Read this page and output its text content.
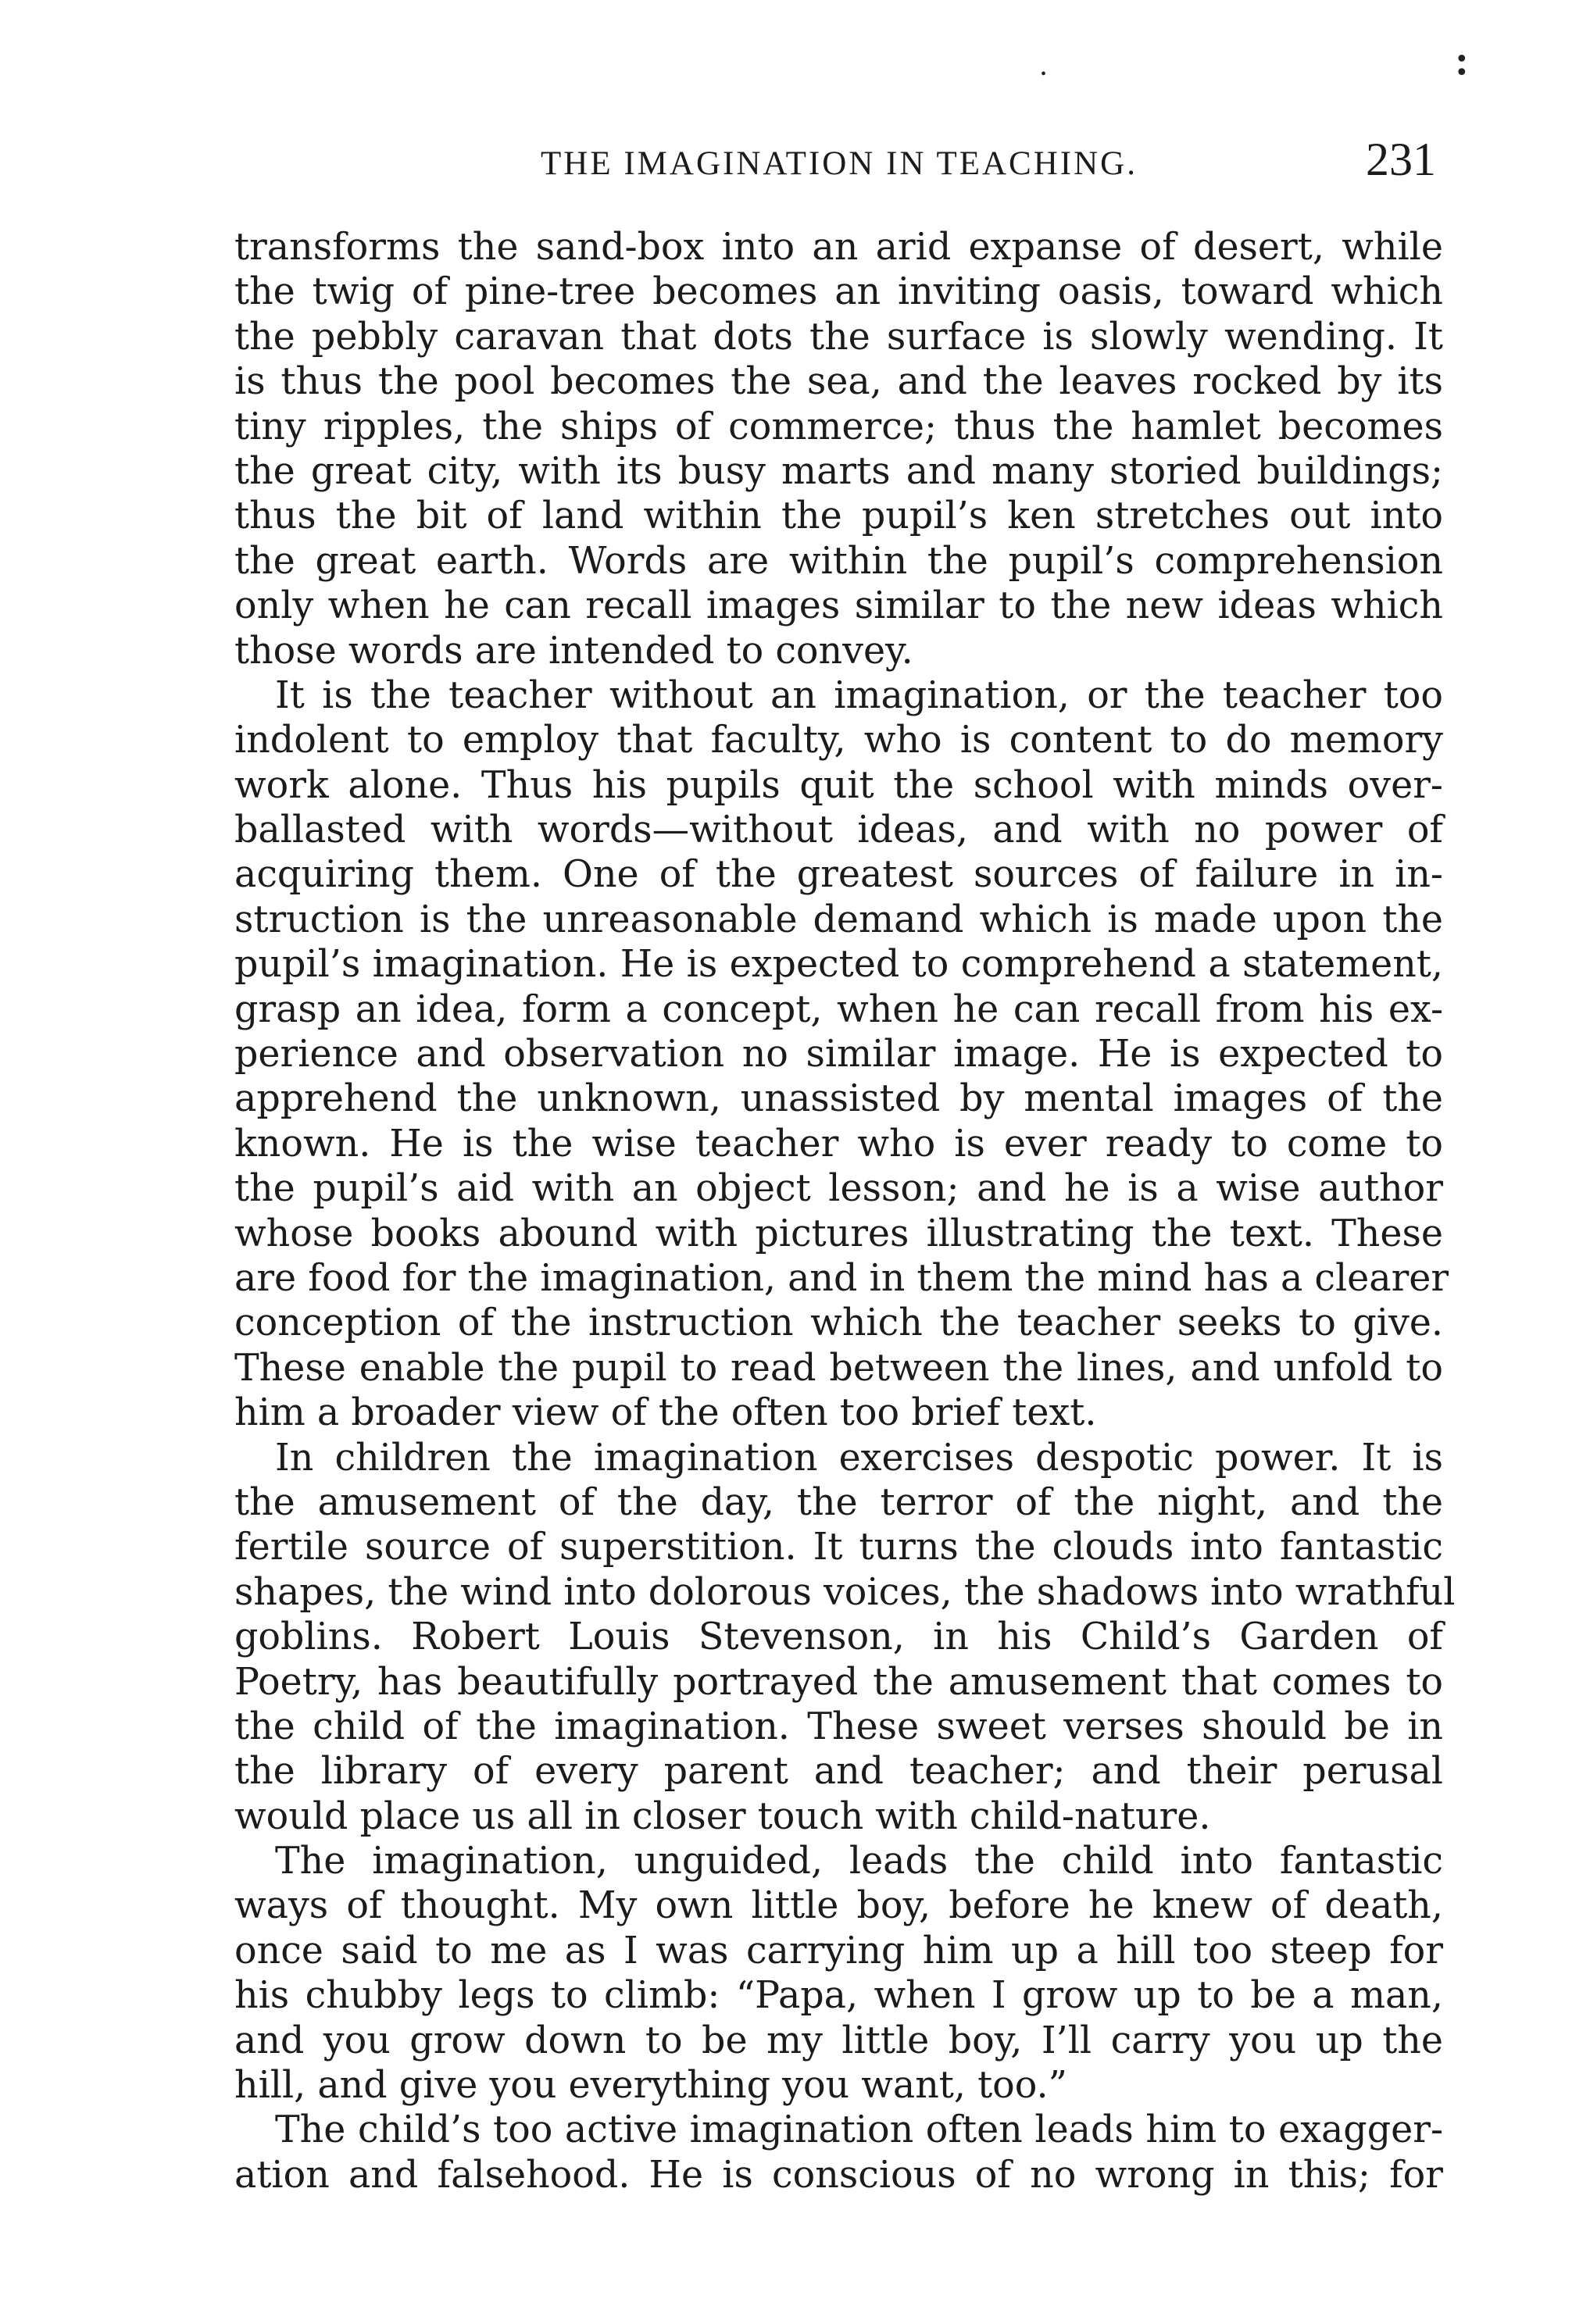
:
•
THE IMAGINATION IN TEACHING.	231
transforms the sand-box into an arid expanse of desert, while
the twig of pine-tree becomes an inviting oasis, toward which
the pebbly caravan that dots the surface is slowly wending. It
is thus the pool becomes the sea, and the leaves rocked by its
tiny ripples, the ships of commerce; thus the hamlet becomes
the great city, with its busy marts and many storied buildings;
thus the bit of land within the pupil’s ken stretches out into
the great earth. Words are within the pupil’s comprehension
only when he can recall images similar to the new ideas which
those words are intended to convey.
It is the teacher without an imagination, or the teacher too
indolent to employ that faculty, who is content to do memory
work alone. Thus his pupils quit the school with minds over-
ballasted with words—without ideas, and with no power of
acquiring them. One of the greatest sources of failure in in-
struction is the unreasonable demand which is made upon the
pupil’s imagination. He is expected to comprehend a statement,
grasp an idea, form a concept, when he can recall from his ex-
perience and observation no similar image. He is expected to
apprehend the unknown, unassisted by mental images of the
known. He is the wise teacher who is ever ready to come to
the pupil’s aid with an object lesson; and he is a wise author
whose books abound with pictures illustrating the text. These
are food for the imagination, and in them the mind has a clearer
conception of the instruction which the teacher seeks to give.
These enable the pupil to read between the lines, and unfold to
him a broader view of the often too brief text.
In children the imagination exercises despotic power. It is
the amusement of the day, the terror of the night, and the
fertile source of superstition. It turns the clouds into fantastic
shapes, the wind into dolorous voices, the shadows into wrathful
goblins. Robert Louis Stevenson, in his Child’s Garden of
Poetry, has beautifully portrayed the amusement that comes to
the child of the imagination. These sweet verses should be in
the library of every parent and teacher; and their perusal
would place us all in closer touch with child-nature.
The imagination, unguided, leads the child into fantastic
ways of thought. My own little boy, before he knew of death,
once said to me as I was carrying him up a hill too steep for
his chubby legs to climb: “Papa, when I grow up to be a man,
and you grow down to be my little boy, I’ll carry you up the
hill, and give you everything you want, too.”
The child’s too active imagination often leads him to exagger-
ation and falsehood. He is conscious of no wrong in this; for
